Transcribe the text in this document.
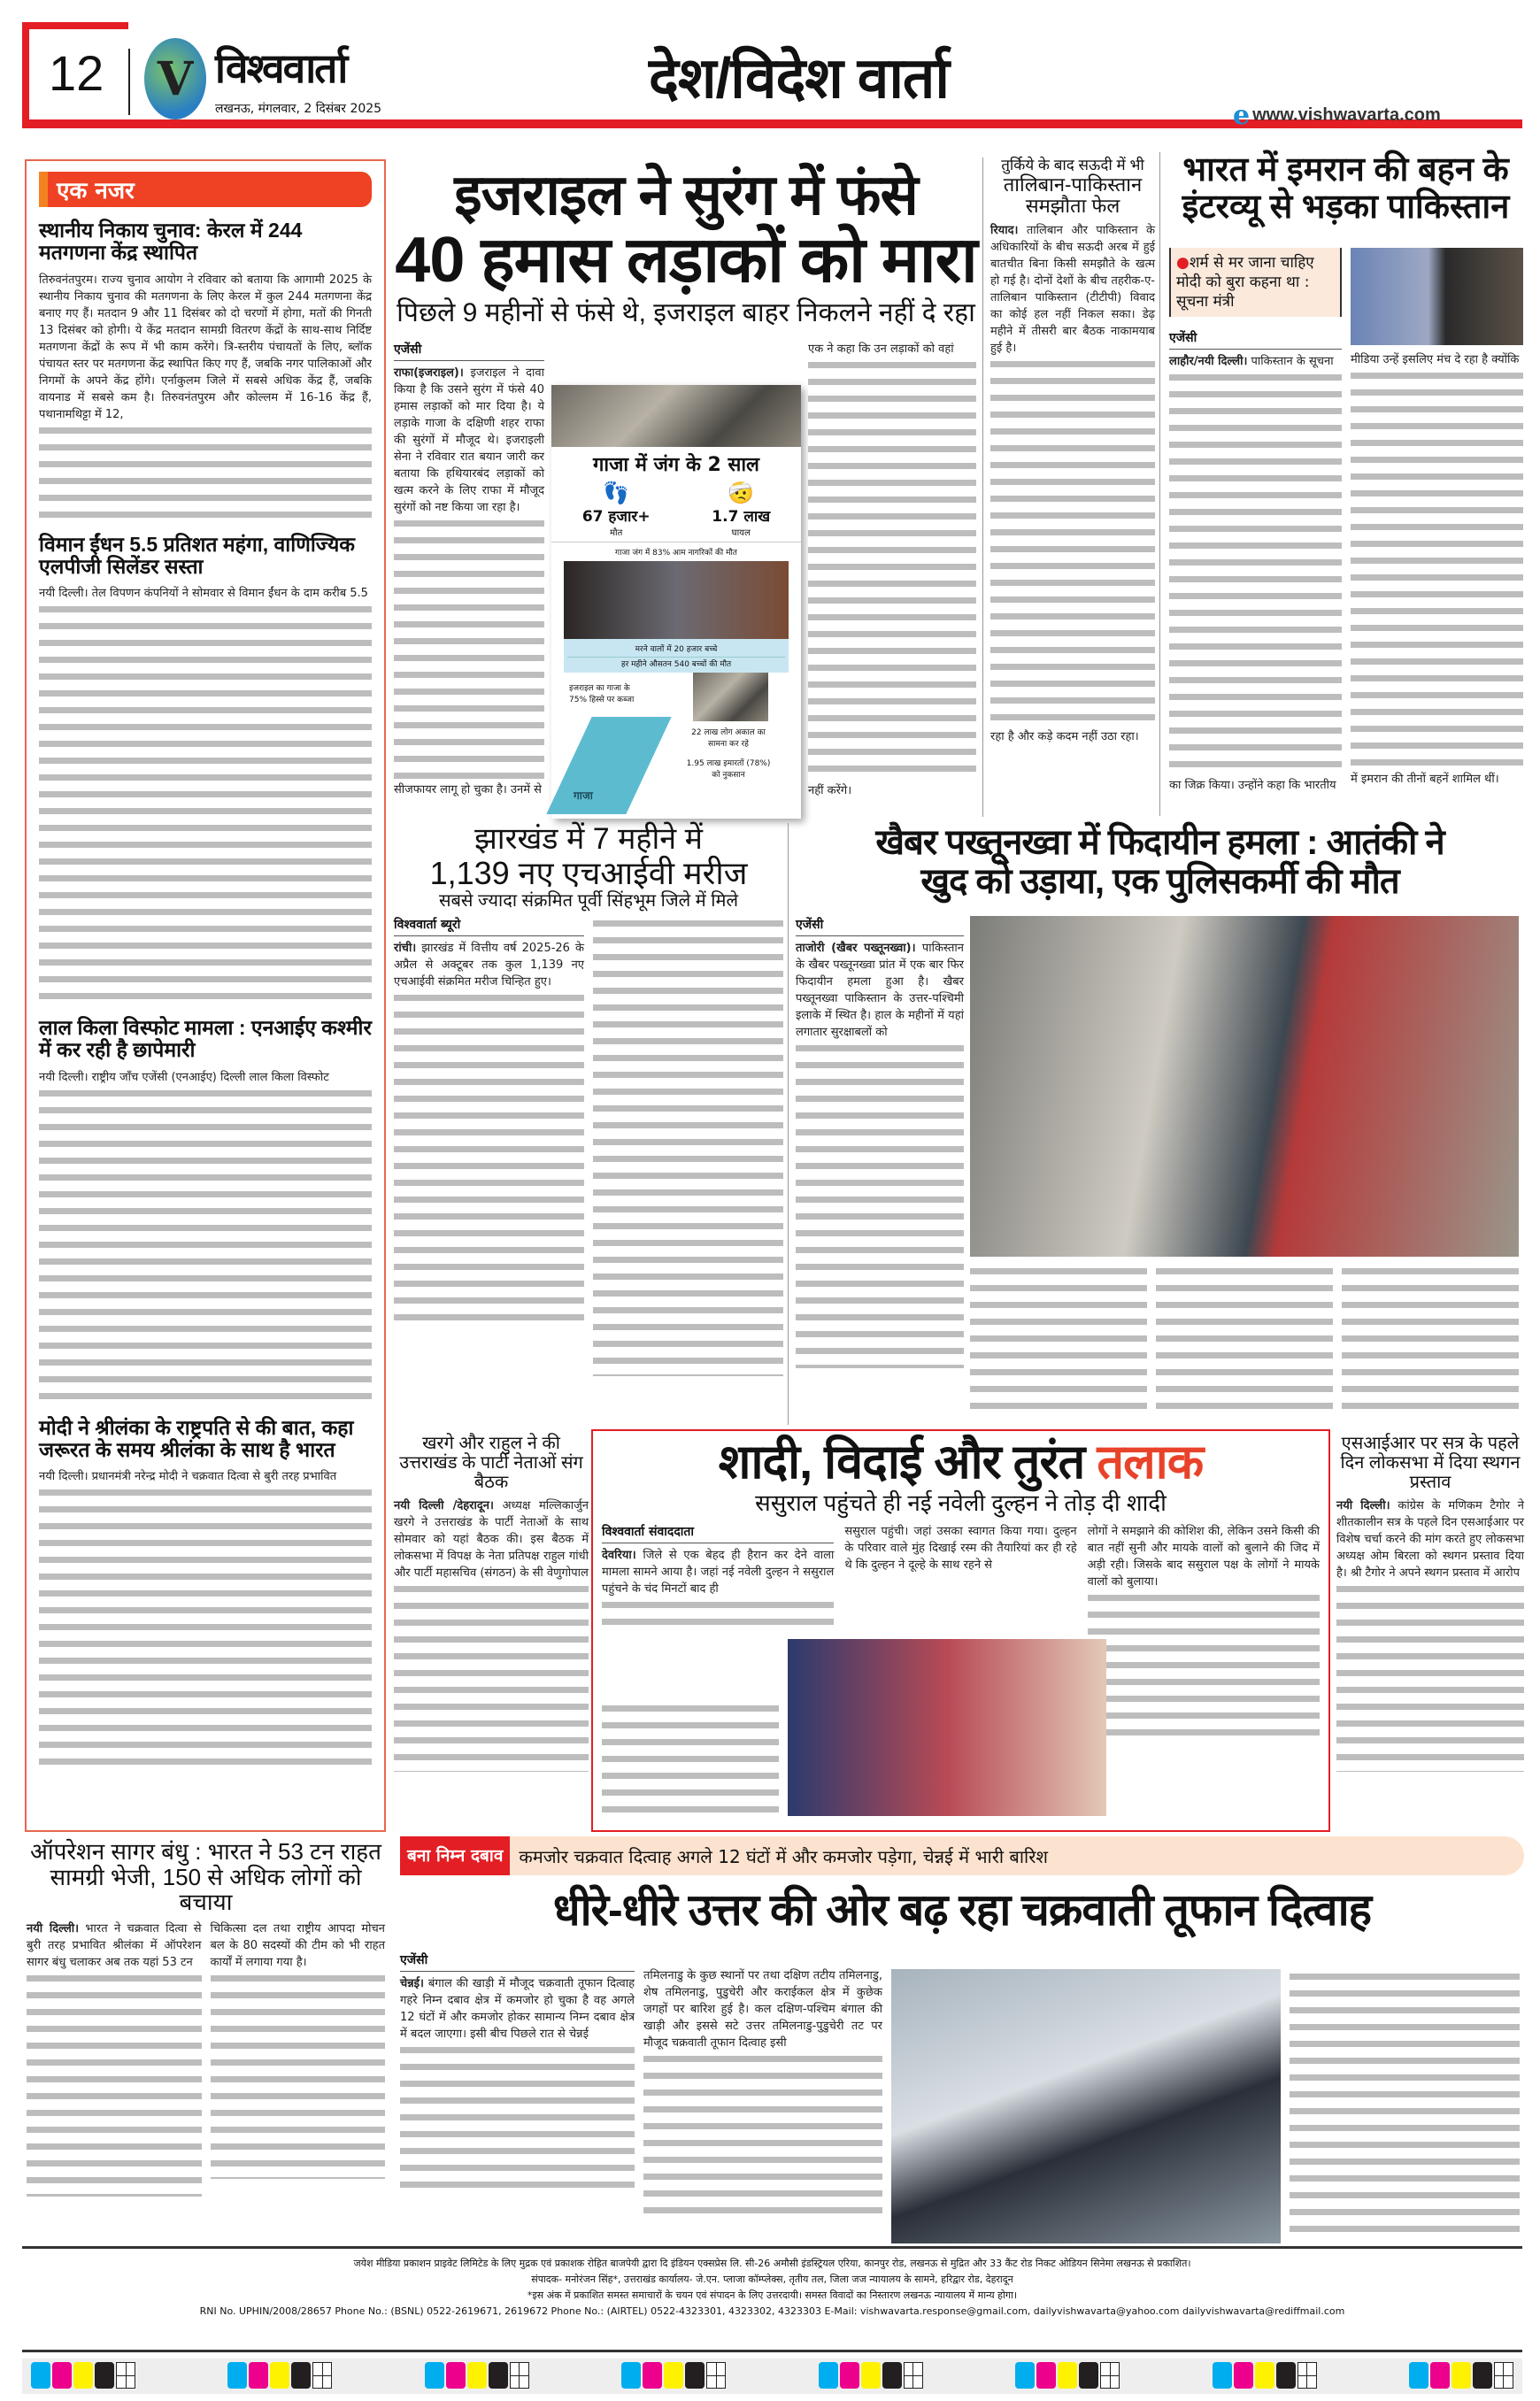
12 V विश्ववार्ता
लखनऊ, मंगलवार, 2 दिसंबर 2025	देश/विदेश वार्ता
e www.vishwavarta.com
एक नजर
स्थानीय निकाय चुनाव: केरल में 244 मतगणना केंद्र स्थापित
तिरुवनंतपुरम। राज्य चुनाव आयोग ने रविवार को बताया कि आगामी 2025 के स्थानीय निकाय चुनाव की मतगणना के लिए केरल में कुल 244 मतगणना केंद्र बनाए गए हैं। मतदान 9 और 11 दिसंबर को दो चरणों में होगा, मतों की गिनती 13 दिसंबर को होगी। ये केंद्र मतदान सामग्री वितरण केंद्रों के साथ-साथ निर्दिष्ट मतगणना केंद्रों के रूप में भी काम करेंगे। त्रि-स्तरीय पंचायतों के लिए, ब्लॉक पंचायत स्तर पर मतगणना केंद्र स्थापित किए गए हैं, जबकि नगर पालिकाओं और निगमों के अपने केंद्र होंगे। एर्नाकुलम जिले में सबसे अधिक केंद्र हैं, जबकि वायनाड में सबसे कम है। तिरुवनंतपुरम और कोल्लम में 16-16 केंद्र हैं, पथानामथिट्टा में 12,
विमान ईंधन 5.5 प्रतिशत महंगा, वाणिज्यिक एलपीजी सिलेंडर सस्ता
नयी दिल्ली। तेल विपणन कंपनियों ने सोमवार से विमान ईंधन के दाम करीब 5.5
लाल किला विस्फोट मामला : एनआईए कश्मीर में कर रही है छापेमारी
नयी दिल्ली। राष्ट्रीय जॉंच एजेंसी (एनआईए) दिल्ली लाल किला विस्फोट
मोदी ने श्रीलंका के राष्ट्रपति से की बात, कहा जरूरत के समय श्रीलंका के साथ है भारत
नयी दिल्ली। प्रधानमंत्री नरेन्द्र मोदी ने चक्रवात दित्वा से बुरी तरह प्रभावित
इजराइल ने सुरंग में फंसे
40 हमास लड़ाकों को मारा
पिछले 9 महीनों से फंसे थे, इजराइल बाहर निकलने नहीं दे रहा
एजेंसी
राफा(इजराइल)। इजराइल ने दावा किया है कि उसने सुरंग में फंसे 40 हमास लड़ाकों को मार दिया है। ये लड़ाके गाजा के दक्षिणी शहर राफा की सुरंगों में मौजूद थे। इजराइली सेना ने रविवार रात बयान जारी कर बताया कि हथियारबंद लड़ाकों को खत्म करने के लिए राफा में मौजूद सुरंगों को नष्ट किया जा रहा है।
सीजफायर लागू हो चुका है। उनमें से
गाजा में जंग के 2 साल
👣
67 हजार+
मौत
🤕
1.7 लाख
घायल
गाजा जंग में 83% आम नागरिकों की मौत
मरने वालों में 20 हजार बच्चे
हर महीने औसतन 540 बच्चों की मौत
इजराइल का गाजा के 75% हिस्से पर कब्जा
गाजा
22 लाख लोग अकाल का सामना कर रहे
1.95 लाख इमारतों (78%) को नुकसान
एक ने कहा कि उन लड़ाकों को वहां
नहीं करेंगे।
तुर्किये के बाद सऊदी में भी
तालिबान-पाकिस्तान समझौता फेल
रियाद। तालिबान और पाकिस्तान के अधिकारियों के बीच सऊदी अरब में हुई बातचीत बिना किसी समझौते के खत्म हो गई है। दोनों देशों के बीच तहरीक-ए-तालिबान पाकिस्तान (टीटीपी) विवाद का कोई हल नहीं निकल सका। डेढ़ महीने में तीसरी बार बैठक नाकामयाब हुई है।
रहा है और कड़े कदम नहीं उठा रहा।
भारत में इमरान की बहन के इंटरव्यू से भड़का पाकिस्तान
●शर्म से मर जाना चाहिए मोदी को बुरा कहना था : सूचना मंत्री
एजेंसी
लाहौर/नयी दिल्ली। पाकिस्तान के सूचना
का जिक्र किया। उन्होंने कहा कि भारतीय
मीडिया उन्हें इसलिए मंच दे रहा है क्योंकि
में इमरान की तीनों बहनें शामिल थीं।
झारखंड में 7 महीने में
1,139 नए एचआईवी मरीज
सबसे ज्यादा संक्रमित पूर्वी सिंहभूम जिले में मिले
विश्ववार्ता ब्यूरो
रांची। झारखंड में वित्तीय वर्ष 2025-26 के अप्रैल से अक्टूबर तक कुल 1,139 नए एचआईवी संक्रमित मरीज चिन्हित हुए।
खैबर पख्तूनख्वा में फिदायीन हमला : आतंकी ने
खुद को उड़ाया, एक पुलिसकर्मी की मौत
एजेंसी
ताजोरी (खैबर पख्तूनख्वा)। पाकिस्तान के खैबर पख्तूनख्वा प्रांत में एक बार फिर फिदायीन हमला हुआ है। खैबर पख्तूनख्वा पाकिस्तान के उत्तर-पश्चिमी इलाके में स्थित है। हाल के महीनों में यहां लगातार सुरक्षाबलों को
खरगे और राहुल ने की उत्तराखंड के पार्टी नेताओं संग बैठक
नयी दिल्ली /देहरादून। अध्यक्ष मल्लिकार्जुन खरगे ने उत्तराखंड के पार्टी नेताओं के साथ सोमवार को यहां बैठक की। इस बैठक में लोकसभा में विपक्ष के नेता प्रतिपक्ष राहुल गांधी और पार्टी महासचिव (संगठन) के सी वेणुगोपाल
शादी, विदाई और तुरंत तलाक
ससुराल पहुंचते ही नई नवेली दुल्हन ने तोड़ दी शादी
विश्ववार्ता संवाददाता
देवरिया। जिले से एक बेहद ही हैरान कर देने वाला मामला सामने आया है। जहां नई नवेली दुल्हन ने ससुराल पहुंचने के चंद मिनटों बाद ही
ससुराल पहुंची। जहां उसका स्वागत किया गया। दुल्हन के परिवार वाले मुंह दिखाई रस्म की तैयारियां कर ही रहे थे कि दुल्हन ने दूल्हे के साथ रहने से
लोगों ने समझाने की कोशिश की, लेकिन उसने किसी की बात नहीं सुनी और मायके वालों को बुलाने की जिद में अड़ी रही। जिसके बाद ससुराल पक्ष के लोगों ने मायके वालों को बुलाया।
एसआईआर पर सत्र के पहले दिन लोकसभा में दिया स्थगन प्रस्ताव
नयी दिल्ली। कांग्रेस के मणिकम टैगोर ने शीतकालीन सत्र के पहले दिन एसआईआर पर विशेष चर्चा करने की मांग करते हुए लोकसभा अध्यक्ष ओम बिरला को स्थगन प्रस्ताव दिया है। श्री टैगोर ने अपने स्थगन प्रस्ताव में आरोप
ऑपरेशन सागर बंधु : भारत ने 53 टन राहत सामग्री भेजी, 150 से अधिक लोगों को बचाया
नयी दिल्ली। भारत ने चक्रवात दित्वा से बुरी तरह प्रभावित श्रीलंका में ऑपरेशन सागर बंधु चलाकर अब तक यहां 53 टन
चिकित्सा दल तथा राष्ट्रीय आपदा मोचन बल के 80 सदस्यों की टीम को भी राहत कार्यों में लगाया गया है।
बना निम्न दबाव कमजोर चक्रवात दित्वाह अगले 12 घंटों में और कमजोर पड़ेगा, चेन्नई में भारी बारिश
धीरे-धीरे उत्तर की ओर बढ़ रहा चक्रवाती तूफान दित्वाह
एजेंसी
चेन्नई। बंगाल की खाड़ी में मौजूद चक्रवाती तूफान दित्वाह गहरे निम्न दबाव क्षेत्र में कमजोर हो चुका है वह अगले 12 घंटों में और कमजोर होकर सामान्य निम्न दबाव क्षेत्र में बदल जाएगा। इसी बीच पिछले रात से चेन्नई
तमिलनाडु के कुछ स्थानों पर तथा दक्षिण तटीय तमिलनाडु, शेष तमिलनाडु, पुडुचेरी और कराईकल क्षेत्र में कुछेक जगहों पर बारिश हुई है। कल दक्षिण-पश्चिम बंगाल की खाड़ी और इससे सटे उत्तर तमिलनाडु-पुडुचेरी तट पर मौजूद चक्रवाती तूफान दित्वाह इसी
जयेश मीडिया प्रकाशन प्राइवेट लिमिटेड के लिए मुद्रक एवं प्रकाशक रोहित बाजपेयी द्वारा दि इंडियन एक्सप्रेस लि. सी-26 अमौसी इंडस्ट्रियल एरिया, कानपुर रोड, लखनऊ से मुद्रित और 33 कैंट रोड निकट ओडियन सिनेमा लखनऊ से प्रकाशित।
संपादक- मनोरंजन सिंह*, उत्तराखंड कार्यालय- जे.एन. प्लाजा कॉम्प्लेक्स, तृतीय तल, जिला जज न्यायालय के सामने, हरिद्वार रोड, देहरादून
*इस अंक में प्रकाशित समस्त समाचारों के चयन एवं संपादन के लिए उत्तरदायी। समस्त विवादों का निस्तारण लखनऊ न्यायालय में मान्य होगा।
RNI No. UPHIN/2008/28657 Phone No.: (BSNL) 0522-2619671, 2619672 Phone No.: (AIRTEL) 0522-4323301, 4323302, 4323303 E-Mail: vishwavarta.response@gmail.com, dailyvishwavarta@yahoo.com dailyvishwavarta@rediffmail.com
